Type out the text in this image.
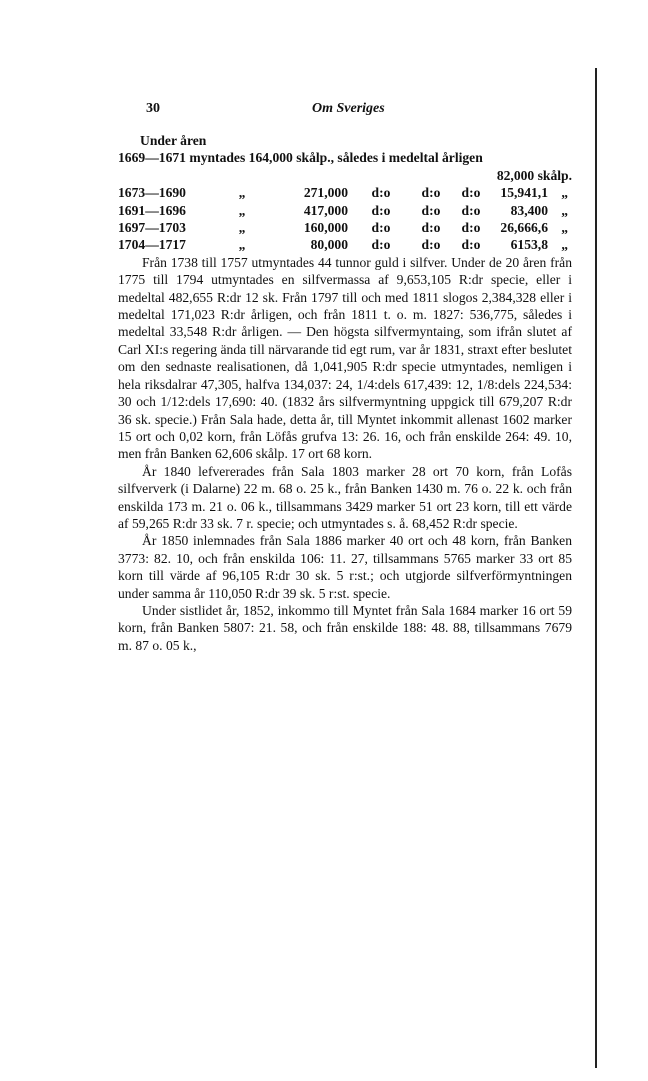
30	Om Sveriges
Under åren
1669—1671 myntades 164,000 skålp., således i medeltal årligen
82,000 skålp.
1673—1690	„	271,000	d:o	d:o	d:o	15,941,1 „
1691—1696	„	417,000	d:o	d:o	d:o	83,400 „
1697—1703	„	160,000	d:o	d:o	d:o	26,666,6 „
1704—1717	„	80,000	d:o	d:o	d:o	6153,8 „

Från 1738 till 1757 utmyntades 44 tunnor guld i silfver. Under de 20 åren från 1775 till 1794 utmyntades en silfvermassa af 9,653,105 R:dr specie, eller i medeltal 482,655 R:dr 12 sk. Från 1797 till och med 1811 slogos 2,384,328 eller i medeltal 171,023 R:dr årligen, och från 1811 t. o. m. 1827: 536,775, således i medeltal 33,548 R:dr årligen. — Den högsta silfvermyntaing, som ifrån slutet af Carl XI:s regering ända till närvarande tid egt rum, var år 1831, straxt efter beslutet om den sednaste realisationen, då 1,041,905 R:dr specie utmyntades, nemligen i hela riksdalrar 47,305, halfva 134,037: 24, 1/4:dels 617,439: 12, 1/8:dels 224,534: 30 och 1/12:dels 17,690: 40. (1832 års silfvermyntning uppgick till 679,207 R:dr 36 sk. specie.) Från Sala hade, detta år, till Myntet inkommit allenast 1602 marker 15 ort och 0,02 korn, från Löfås grufva 13: 26. 16, och från enskilde 264: 49. 10, men från Banken 62,606 skålp. 17 ort 68 korn.

År 1840 lefvererades från Sala 1803 marker 28 ort 70 korn, från Lofås silfververk (i Dalarne) 22 m. 68 o. 25 k., från Banken 1430 m. 76 o. 22 k. och från enskilda 173 m. 21 o. 06 k., tillsammans 3429 marker 51 ort 23 korn, till ett värde af 59,265 R:dr 33 sk. 7 r. specie; och utmyntades s. å. 68,452 R:dr specie.

År 1850 inlemnades från Sala 1886 marker 40 ort och 48 korn, från Banken 3773: 82. 10, och från enskilda 106: 11. 27, tillsammans 5765 marker 33 ort 85 korn till värde af 96,105 R:dr 30 sk. 5 r:st.; och utgjorde silfverförmyntningen under samma år 110,050 R:dr 39 sk. 5 r:st. specie.

Under sistlidet år, 1852, inkommo till Myntet från Sala 1684 marker 16 ort 59 korn, från Banken 5807: 21. 58, och från enskilde 188: 48. 88, tillsammans 7679 m. 87 o. 05 k.,
